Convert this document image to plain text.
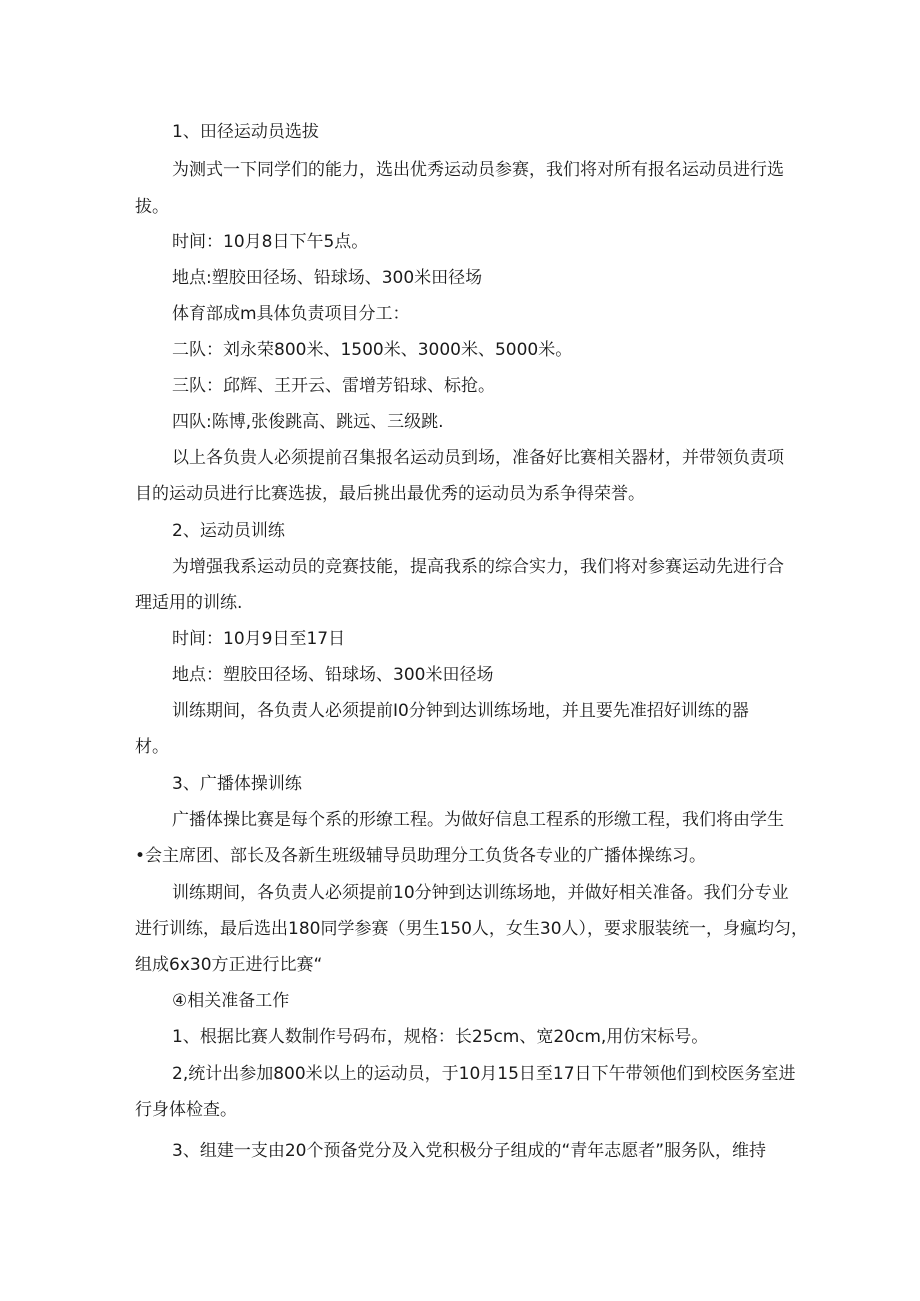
1、田径运动员选拔
为测式一下同学们的能力，选出优秀运动员参赛，我们将对所有报名运动员进行选
拔。
时间：10月8日下午5点。
地点:塑胶田径场、铅球场、300米田径场
体育部成m具体负责项目分工：
二队：刘永荣800米、1500米、3000米、5000米。
三队：邱辉、王开云、雷增芳铅球、标抢。
四队:陈博,张俊跳高、跳远、三级跳.
以上各负贵人必须提前召集报名运动员到场，准备好比赛相关器材，并带领负责项
目的运动员进行比赛选拔，最后挑出最优秀的运动员为系争得荣誉。
2、运动员训练
为增强我系运动员的竞赛技能，提高我系的综合实力，我们将对参赛运动先进行合
理适用的训练.
时间：10月9日至17日
地点：塑胶田径场、铅球场、300米田径场
训练期间，各负责人必须提前I0分钟到达训练场地，并且要先准招好训练的器
材。
3、广播体操训练
广播体操比赛是每个系的形缭工程。为做好信息工程系的形缴工程，我们将由学生
•会主席团、部长及各新生班级辅导员助理分工负货各专业的广播体操练习。
训练期间，各负责人必须提前10分钟到达训练场地，并做好相关准备。我们分专业
进行训练，最后选出180同学参赛（男生150人，女生30人），要求服装统一，身瘋均匀，
组成6x30方正进行比赛“
④相关准备工作
1、根据比赛人数制作号码布，规格：长25cm、宽20cm,用仿宋标号。
2,统计出参加800米以上的运动员，于10月15日至17日下午带领他们到校医务室进
行身体检查。
3、组建一支由20个预备党分及入党积极分子组成的“青年志愿者”服务队，维持
